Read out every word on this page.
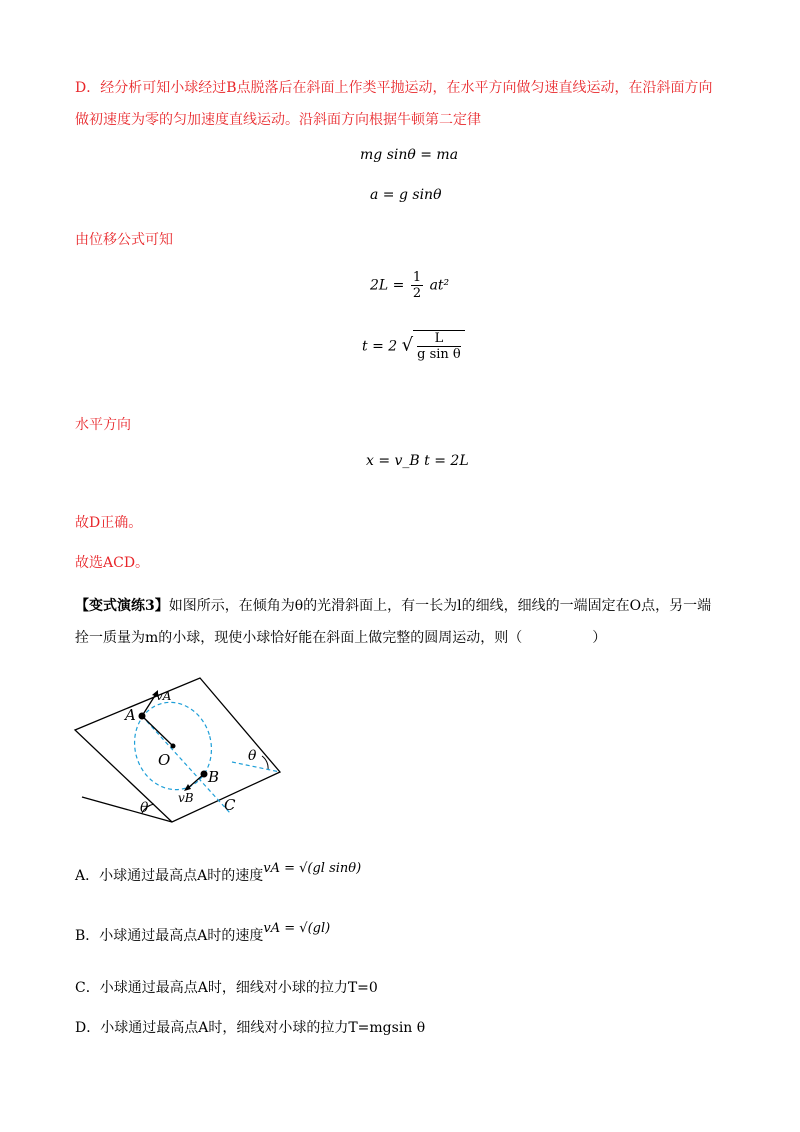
D．经分析可知小球经过B点脱落后在斜面上作类平抛运动，在水平方向做匀速直线运动，在沿斜面方向
做初速度为零的匀加速度直线运动。沿斜面方向根据牛顿第二定律
mg sinθ = ma
a = g sinθ
由位移公式可知
$2L = \frac{1}{2} at^2$
t = 2 √ $\frac{L}{\text{g sin θ}}$
水平方向
x = v_B t = 2L
故D正确。
故选ACD。
【变式演练3】如图所示，在倾角为θ的光滑斜面上，有一长为l的细线，细线的一端固定在O点，另一端
拴一质量为m的小球，现使小球恰好能在斜面上做完整的圆周运动，则（　　　　　）
A
vA
O
B
vB C
θ
θ
A．小球通过最高点A时的速度vA = √(gl sinθ)
B．小球通过最高点A时的速度vA = √(gl)
C．小球通过最高点A时，细线对小球的拉力T=0
D．小球通过最高点A时，细线对小球的拉力T=mgsin θ
